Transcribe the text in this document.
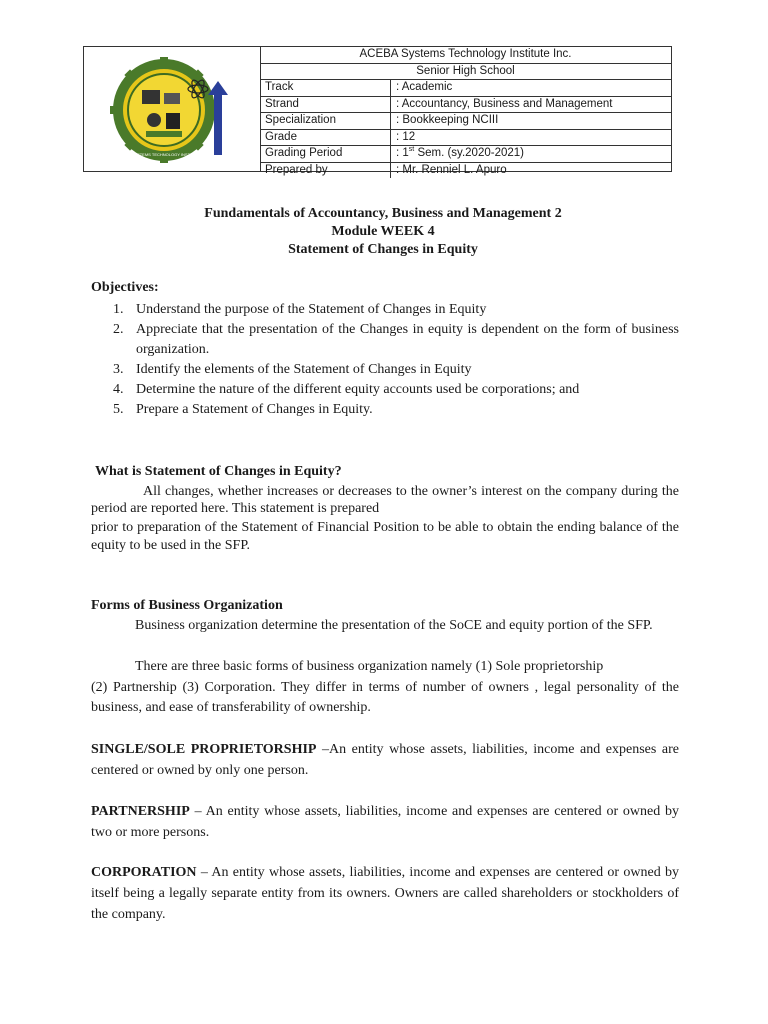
ACEBA SYSTEMS TECHNOLOGY INSTITUTE INC.
ACEBA Systems Technology Institute Inc.
Senior High School
Track	: Academic
Strand	: Accountancy, Business and Management
Specialization	: Bookkeeping NCIII
Grade	: 12
Grading Period	: 1st Sem. (sy.2020-2021)
Prepared by	: Mr. Renniel L. Apuro
Fundamentals of Accountancy, Business and Management 2
Module WEEK 4
Statement of Changes in Equity
Objectives:
1. Understand the purpose of the Statement of Changes in Equity
2. Appreciate that the presentation of the Changes in equity is dependent on the form of business organization.
3. Identify the elements of the Statement of Changes in Equity
4. Determine the nature of the different equity accounts used be corporations; and
5. Prepare a Statement of Changes in Equity.
What is Statement of Changes in Equity?
All changes, whether increases or decreases to the owner’s interest on the company during the period are reported here. This statement is prepared
prior to preparation of the Statement of Financial Position to be able to obtain the ending balance of the equity to be used in the SFP.
Forms of Business Organization
Business organization determine the presentation of the SoCE and equity portion of the SFP.
There are three basic forms of business organization namely (1) Sole proprietorship
(2) Partnership (3) Corporation. They differ in terms of number of owners , legal personality of the business, and ease of transferability of ownership.
SINGLE/SOLE PROPRIETORSHIP –An entity whose assets, liabilities, income and expenses are centered or owned by only one person.
PARTNERSHIP – An entity whose assets, liabilities, income and expenses are centered or owned by two or more persons.
CORPORATION – An entity whose assets, liabilities, income and expenses are centered or owned by itself being a legally separate entity from its owners. Owners are called shareholders or stockholders of the company.
